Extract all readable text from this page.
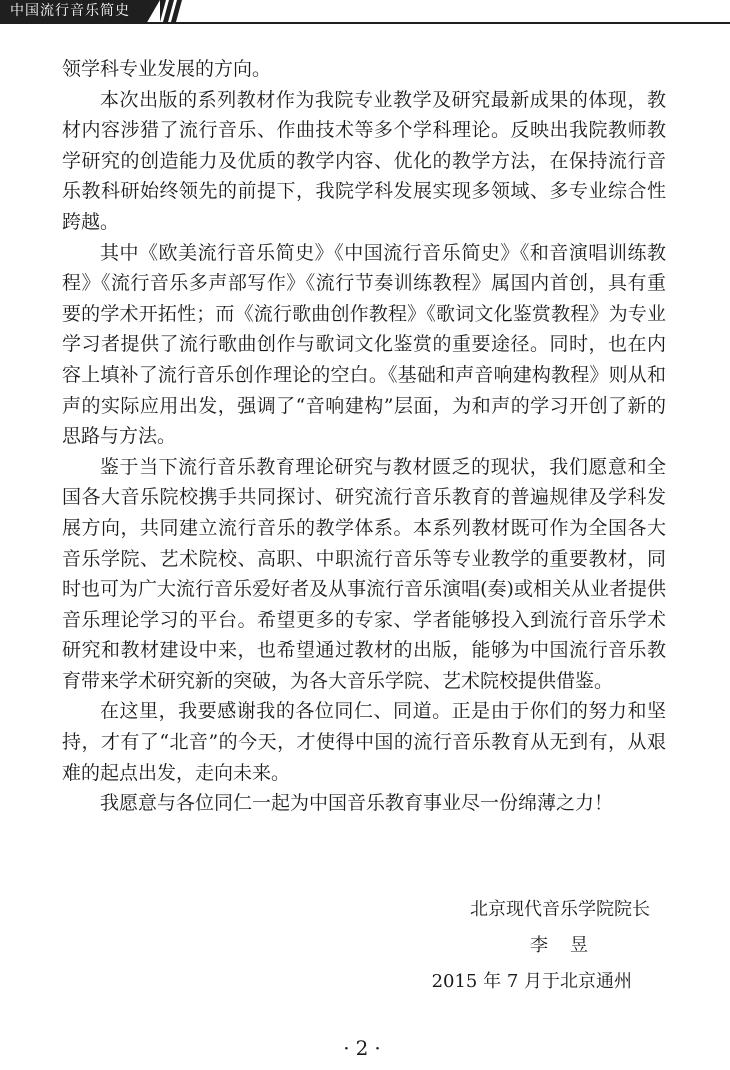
中国流行音乐简史

领学科专业发展的方向。

本次出版的系列教材作为我院专业教学及研究最新成果的体现，教材内容涉猎了流行音乐、作曲技术等多个学科理论。反映出我院教师教学研究的创造能力及优质的教学内容、优化的教学方法，在保持流行音乐教科研始终领先的前提下，我院学科发展实现多领域、多专业综合性跨越。

其中《欧美流行音乐简史》《中国流行音乐简史》《和音演唱训练教程》《流行音乐多声部写作》《流行节奏训练教程》属国内首创，具有重要的学术开拓性；而《流行歌曲创作教程》《歌词文化鉴赏教程》为专业学习者提供了流行歌曲创作与歌词文化鉴赏的重要途径。同时，也在内容上填补了流行音乐创作理论的空白。《基础和声音响建构教程》则从和声的实际应用出发，强调了“音响建构”层面，为和声的学习开创了新的思路与方法。

鉴于当下流行音乐教育理论研究与教材匮乏的现状，我们愿意和全国各大音乐院校携手共同探讨、研究流行音乐教育的普遍规律及学科发展方向，共同建立流行音乐的教学体系。本系列教材既可作为全国各大音乐学院、艺术院校、高职、中职流行音乐等专业教学的重要教材，同时也可为广大流行音乐爱好者及从事流行音乐演唱(奏)或相关从业者提供音乐理论学习的平台。希望更多的专家、学者能够投入到流行音乐学术研究和教材建设中来，也希望通过教材的出版，能够为中国流行音乐教育带来学术研究新的突破，为各大音乐学院、艺术院校提供借鉴。

在这里，我要感谢我的各位同仁、同道。正是由于你们的努力和坚持，才有了“北音”的今天，才使得中国的流行音乐教育从无到有，从艰难的起点出发，走向未来。

我愿意与各位同仁一起为中国音乐教育事业尽一份绵薄之力！

北京现代音乐学院院长
李昱
2015 年 7 月于北京通州
·2·
